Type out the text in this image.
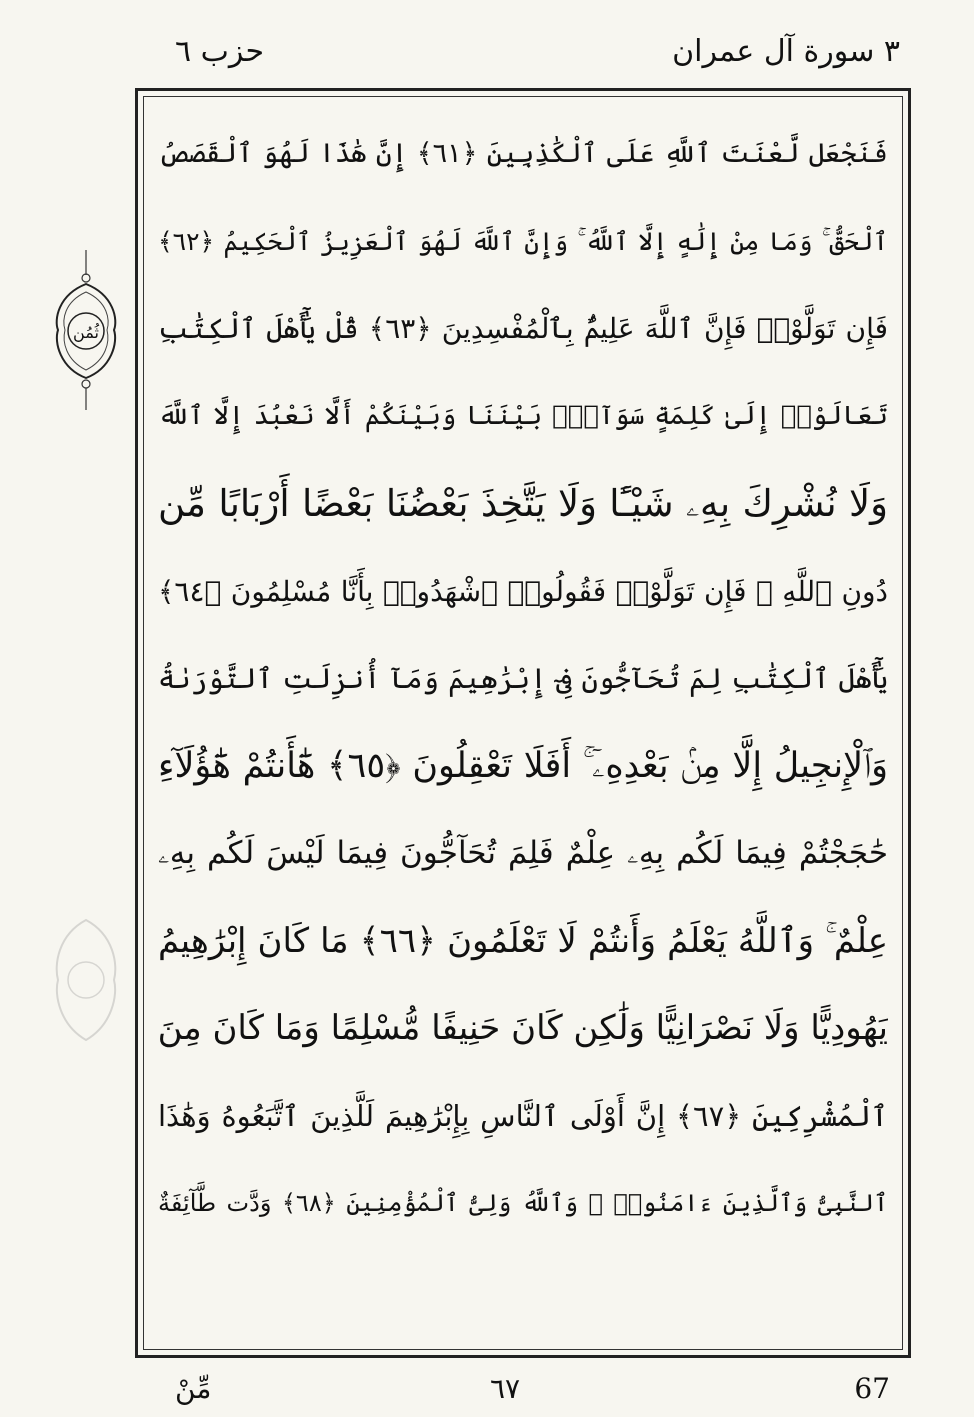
حزب ٦	٣ سورة آل عمران
ثُمُن
فَنَجْعَل لَّعْنَتَ ٱللَّهِ عَلَى ٱلْكَٰذِبِينَ ﴿٦١﴾ إِنَّ هَٰذَا لَهُوَ ٱلْقَصَصُ
ٱلْحَقُّ ۚ وَمَا مِنْ إِلَٰهٍ إِلَّا ٱللَّهُ ۚ وَإِنَّ ٱللَّهَ لَهُوَ ٱلْعَزِيزُ ٱلْحَكِيمُ ﴿٦٢﴾
فَإِن تَوَلَّوْا۟ فَإِنَّ ٱللَّهَ عَلِيمٌۢ بِٱلْمُفْسِدِينَ ﴿٦٣﴾ قُلْ يَٰٓأَهْلَ ٱلْكِتَٰبِ
تَعَالَوْا۟ إِلَىٰ كَلِمَةٍ سَوَآءٍۭ بَيْنَنَا وَبَيْنَكُمْ أَلَّا نَعْبُدَ إِلَّا ٱللَّهَ
وَلَا نُشْرِكَ بِهِۦ شَيْـًٔا وَلَا يَتَّخِذَ بَعْضُنَا بَعْضًا أَرْبَابًا مِّن
دُونِ ٱللَّهِ ۚ فَإِن تَوَلَّوْا۟ فَقُولُوا۟ ٱشْهَدُوا۟ بِأَنَّا مُسْلِمُونَ ﴿٦٤﴾
يَٰٓأَهْلَ ٱلْكِتَٰبِ لِمَ تُحَآجُّونَ فِىٓ إِبْرَٰهِيمَ وَمَآ أُنزِلَتِ ٱلتَّوْرَىٰةُ
وَٱلْإِنجِيلُ إِلَّا مِنۢ بَعْدِهِۦٓ ۚ أَفَلَا تَعْقِلُونَ ﴿٦٥﴾ هَٰٓأَنتُمْ هَٰٓؤُلَآءِ
حَٰجَجْتُمْ فِيمَا لَكُم بِهِۦ عِلْمٌ فَلِمَ تُحَآجُّونَ فِيمَا لَيْسَ لَكُم بِهِۦ
عِلْمٌ ۚ وَٱللَّهُ يَعْلَمُ وَأَنتُمْ لَا تَعْلَمُونَ ﴿٦٦﴾ مَا كَانَ إِبْرَٰهِيمُ
يَهُودِيًّا وَلَا نَصْرَانِيًّا وَلَٰكِن كَانَ حَنِيفًا مُّسْلِمًا وَمَا كَانَ مِنَ
ٱلْمُشْرِكِينَ ﴿٦٧﴾ إِنَّ أَوْلَى ٱلنَّاسِ بِإِبْرَٰهِيمَ لَلَّذِينَ ٱتَّبَعُوهُ وَهَٰذَا
ٱلنَّبِىُّ وَٱلَّذِينَ ءَامَنُوا۟ ۗ وَٱللَّهُ وَلِىُّ ٱلْمُؤْمِنِينَ ﴿٦٨﴾ وَدَّت طَّآئِفَةٌ
مِّنْ	٦٧	67
